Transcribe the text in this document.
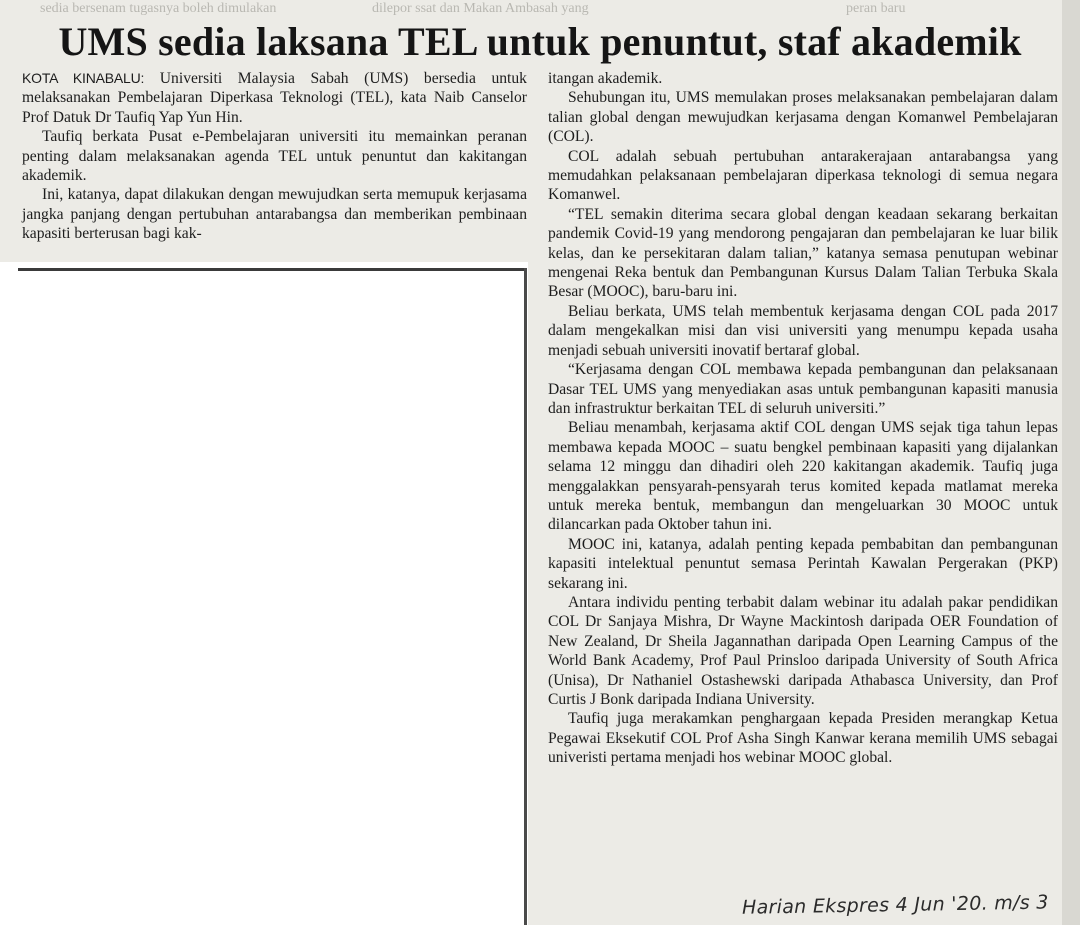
sedia bersenam tugasnya boleh dimulakan	dilepor ssat dan Makan Ambasah yang	peran baru
UMS sedia laksana TEL untuk penuntut, staf akademik

KOTA KINABALU: Universiti Malaysia Sabah (UMS) bersedia untuk melaksanakan Pembelajaran Diperkasa Teknologi (TEL), kata Naib Canselor Prof Datuk Dr Taufiq Yap Yun Hin.

Taufiq berkata Pusat e-Pembelajaran universiti itu memainkan peranan penting dalam melaksanakan agenda TEL untuk penuntut dan kakitangan akademik.

Ini, katanya, dapat dilakukan dengan mewujudkan serta memupuk kerjasama jangka panjang dengan pertubuhan antarabangsa dan memberikan pembinaan kapasiti berterusan bagi kak-

itangan akademik.

Sehubungan itu, UMS memulakan proses melaksanakan pembelajaran dalam talian global dengan mewujudkan kerjasama dengan Komanwel Pembelajaran (COL).

COL adalah sebuah pertubuhan antarakerajaan antarabangsa yang memudahkan pelaksanaan pembelajaran diperkasa teknologi di semua negara Komanwel.

“TEL semakin diterima secara global dengan keadaan sekarang berkaitan pandemik Covid-19 yang mendorong pengajaran dan pembelajaran ke luar bilik kelas, dan ke persekitaran dalam talian,” katanya semasa penutupan webinar mengenai Reka bentuk dan Pembangunan Kursus Dalam Talian Terbuka Skala Besar (MOOC), baru-baru ini.

Beliau berkata, UMS telah membentuk kerjasama dengan COL pada 2017 dalam mengekalkan misi dan visi universiti yang menumpu kepada usaha menjadi sebuah universiti inovatif bertaraf global.

“Kerjasama dengan COL membawa kepada pembangunan dan pelaksanaan Dasar TEL UMS yang menyediakan asas untuk pembangunan kapasiti manusia dan infrastruktur berkaitan TEL di seluruh universiti.”

Beliau menambah, kerjasama aktif COL dengan UMS sejak tiga tahun lepas membawa kepada MOOC – suatu bengkel pembinaan kapasiti yang dijalankan selama 12 minggu dan dihadiri oleh 220 kakitangan akademik. Taufiq juga menggalakkan pensyarah-pensyarah terus komited kepada matlamat mereka untuk mereka bentuk, membangun dan mengeluarkan 30 MOOC untuk dilancarkan pada Oktober tahun ini.

MOOC ini, katanya, adalah penting kepada pembabitan dan pembangunan kapasiti intelektual penuntut semasa Perintah Kawalan Pergerakan (PKP) sekarang ini.

Antara individu penting terbabit dalam webinar itu adalah pakar pendidikan COL Dr Sanjaya Mishra, Dr Wayne Mackintosh daripada OER Foundation of New Zealand, Dr Sheila Jagannathan daripada Open Learning Campus of the World Bank Academy, Prof Paul Prinsloo daripada University of South Africa (Unisa), Dr Nathaniel Ostashewski daripada Athabasca University, dan Prof Curtis J Bonk daripada Indiana University.

Taufiq juga merakamkan penghargaan kepada Presiden merangkap Ketua Pegawai Eksekutif COL Prof Asha Singh Kanwar kerana memilih UMS sebagai univeristi pertama menjadi hos webinar MOOC global.

Harian Ekspres 4 Jun '20. m/s 3
